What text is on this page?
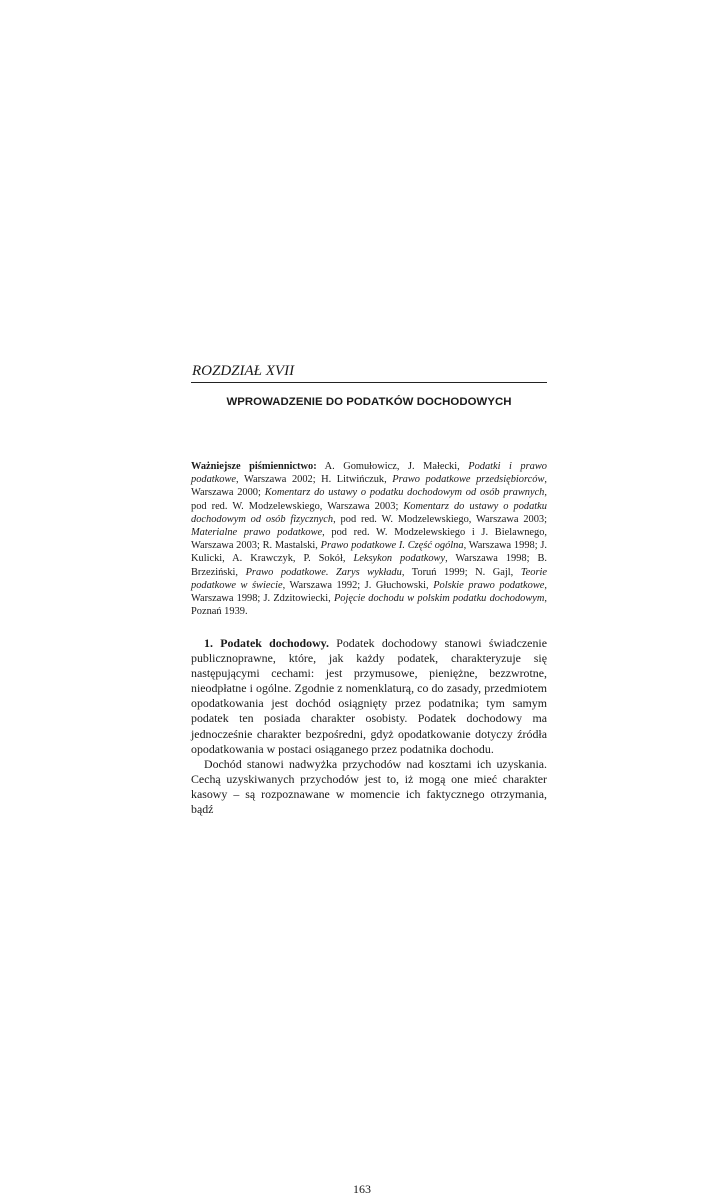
ROZDZIAŁ XVII
WPROWADZENIE DO PODATKÓW DOCHODOWYCH
Ważniejsze piśmiennictwo: A. Gomułowicz, J. Małecki, Podatki i prawo podatkowe, Warszawa 2002; H. Litwińczuk, Prawo podatkowe przedsiębiorców, Warszawa 2000; Komentarz do ustawy o podatku dochodowym od osób prawnych, pod red. W. Modzelewskiego, Warszawa 2003; Komentarz do ustawy o podatku dochodowym od osób fizycznych, pod red. W. Modzelewskiego, Warszawa 2003; Materialne prawo podatkowe, pod red. W. Modzelewskiego i J. Bielawnego, Warszawa 2003; R. Mastalski, Prawo podatkowe I. Część ogólna, Warszawa 1998; J. Kulicki, A. Krawczyk, P. Sokół, Leksykon podatkowy, Warszawa 1998; B. Brzeziński, Prawo podatkowe. Zarys wykładu, Toruń 1999; N. Gajl, Teorie podatkowe w świecie, Warszawa 1992; J. Głuchowski, Polskie prawo podatkowe, Warszawa 1998; J. Zdzitowiecki, Pojęcie dochodu w polskim podatku dochodowym, Poznań 1939.

1. Podatek dochodowy. Podatek dochodowy stanowi świadczenie publicznoprawne, które, jak każdy podatek, charakteryzuje się następującymi cechami: jest przymusowe, pieniężne, bezzwrotne, nieodpłatne i ogólne. Zgodnie z nomenklaturą, co do zasady, przedmiotem opodatkowania jest dochód osiągnięty przez podatnika; tym samym podatek ten posiada charakter osobisty. Podatek dochodowy ma jednocześnie charakter bezpośredni, gdyż opodatkowanie dotyczy źródła opodatkowania w postaci osiąganego przez podatnika dochodu.

Dochód stanowi nadwyżka przychodów nad kosztami ich uzyskania. Cechą uzyskiwanych przychodów jest to, iż mogą one mieć charakter kasowy – są rozpoznawane w momencie ich faktycznego otrzymania, bądź

163
